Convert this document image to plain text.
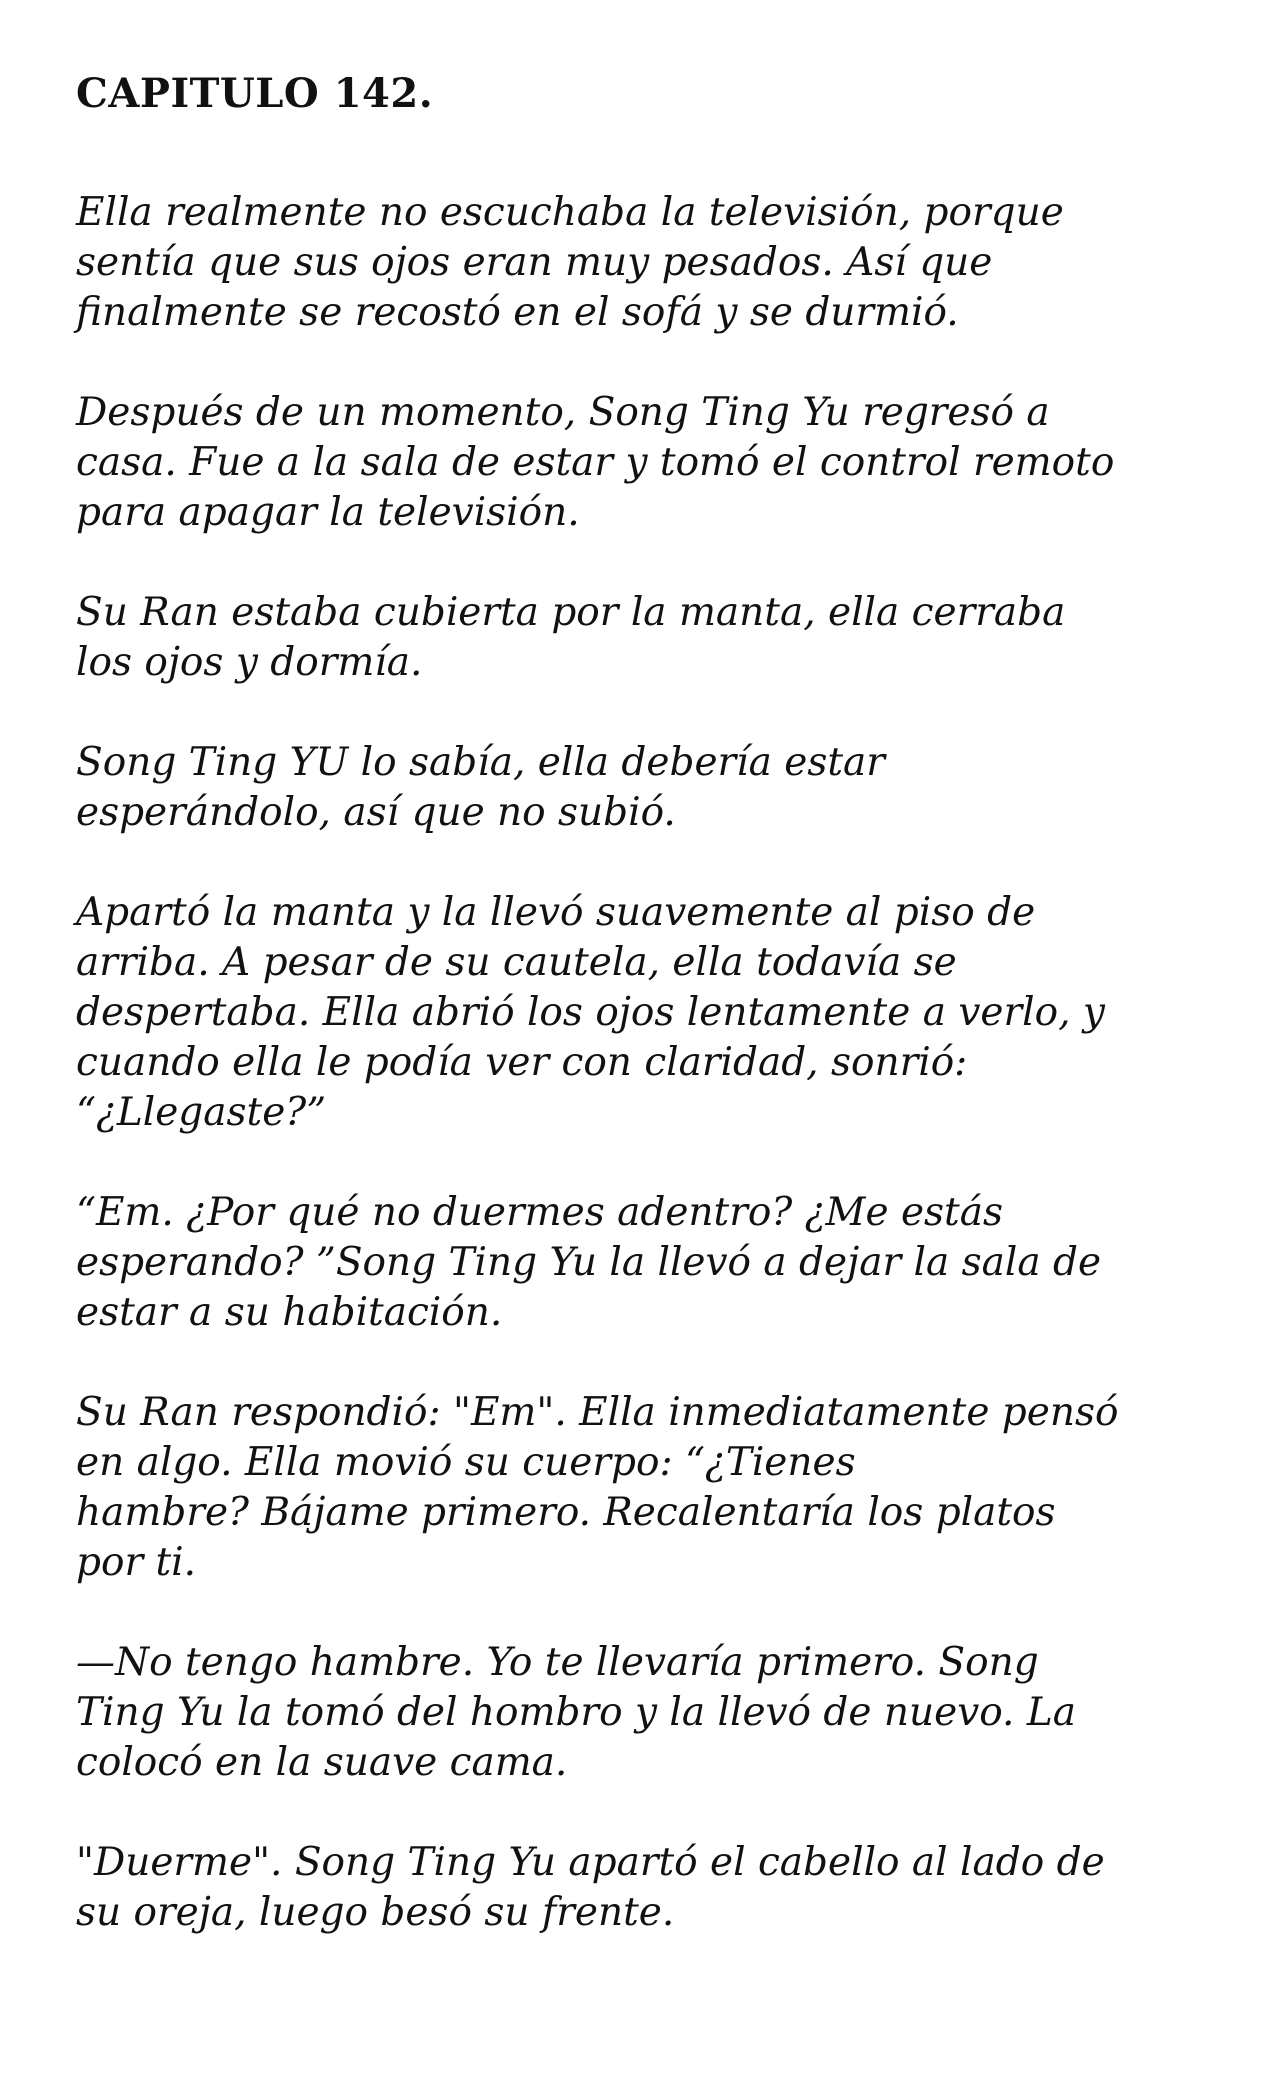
CAPITULO 142.

Ella realmente no escuchaba la televisión, porque
sentía que sus ojos eran muy pesados. Así que
finalmente se recostó en el sofá y se durmió.

Después de un momento, Song Ting Yu regresó a
casa. Fue a la sala de estar y tomó el control remoto
para apagar la televisión.

Su Ran estaba cubierta por la manta, ella cerraba
los ojos y dormía.

Song Ting YU lo sabía, ella debería estar
esperándolo, así que no subió.

Apartó la manta y la llevó suavemente al piso de
arriba. A pesar de su cautela, ella todavía se
despertaba. Ella abrió los ojos lentamente a verlo, y
cuando ella le podía ver con claridad, sonrió:
“¿Llegaste?”

“Em. ¿Por qué no duermes adentro? ¿Me estás
esperando? ”Song Ting Yu la llevó a dejar la sala de
estar a su habitación.

Su Ran respondió: "Em". Ella inmediatamente pensó
en algo. Ella movió su cuerpo: “¿Tienes
hambre? Bájame primero. Recalentaría los platos
por ti.

—No tengo hambre. Yo te llevaría primero. Song
Ting Yu la tomó del hombro y la llevó de nuevo. La
colocó en la suave cama.

"Duerme". Song Ting Yu apartó el cabello al lado de
su oreja, luego besó su frente.
